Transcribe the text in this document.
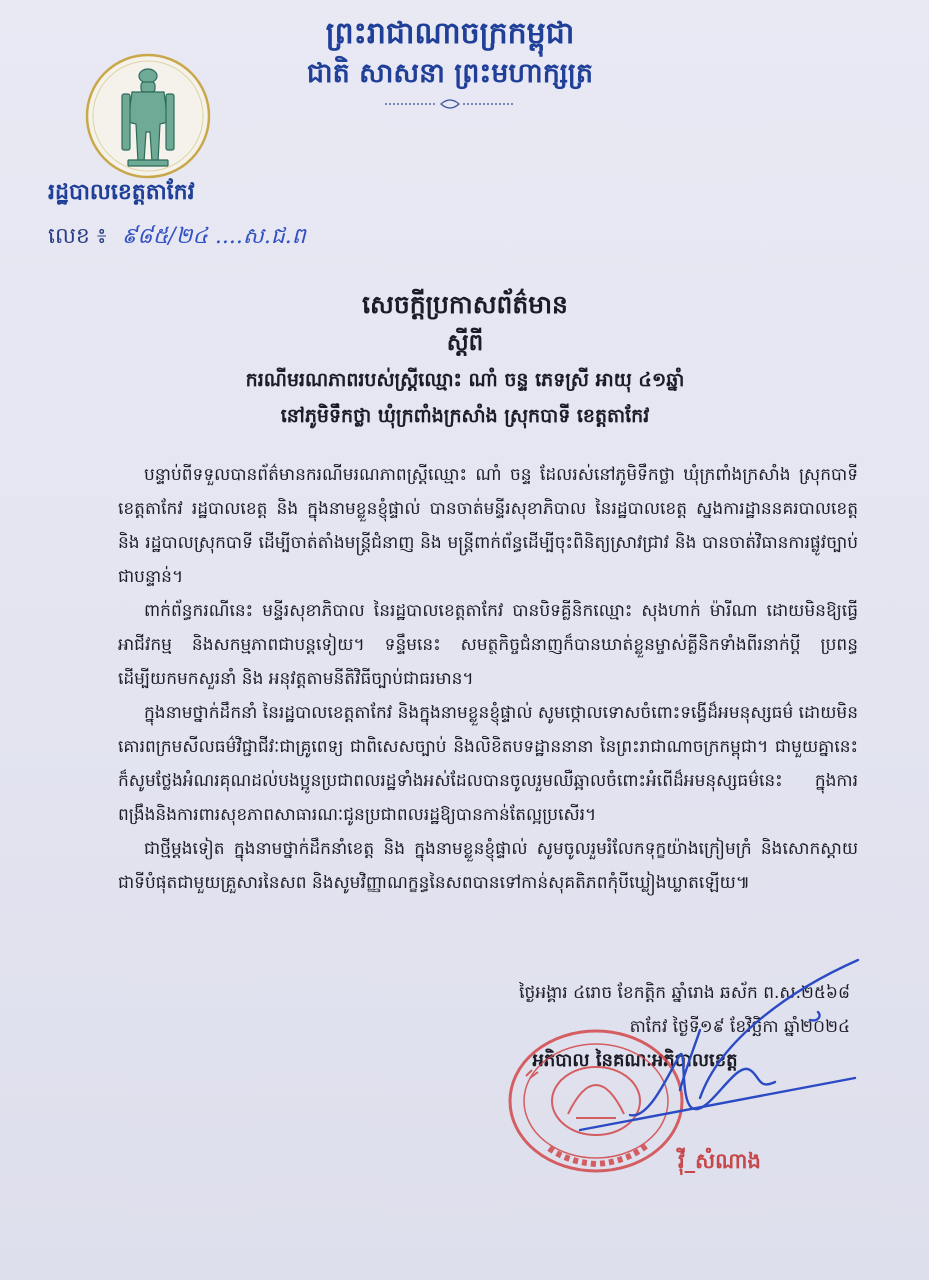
ព្រះរាជាណាចក្រកម្ពុជា
ជាតិ សាសនា ព្រះមហាក្សត្រ
រដ្ឋបាលខេត្តតាកែវ
លេខ ៖ ៩៨៥/២៤ ....ស.ជ.ព
សេចក្តីប្រកាសព័ត៌មាន
ស្តីពី
ករណីមរណភាពរបស់ស្ត្រីឈ្មោះ ណាំ ចន្ទ ភេទស្រី អាយុ ៤១ឆ្នាំ
នៅភូមិទឹកថ្លា ឃុំក្រពាំងក្រសាំង ស្រុកបាទី ខេត្តតាកែវ

បន្ទាប់ពីទទួលបានព័ត៌មានករណីមរណភាពស្ត្រីឈ្មោះ ណាំ ចន្ទ ដែលរស់នៅភូមិទឹកថ្លា ឃុំក្រពាំងក្រសាំង ស្រុកបាទី ខេត្តតាកែវ រដ្ឋបាលខេត្ត និង ក្នុងនាមខ្លួនខ្ញុំផ្ទាល់ បានចាត់មន្ទីរសុខាភិបាល នៃរដ្ឋបាលខេត្ត ស្នងការដ្ឋាននគរបាលខេត្ត និង រដ្ឋបាលស្រុកបាទី ដើម្បីចាត់តាំងមន្ត្រីជំនាញ និង មន្ត្រីពាក់ព័ន្ធដើម្បីចុះពិនិត្យស្រាវជ្រាវ និង បានចាត់វិធានការផ្លូវច្បាប់ជាបន្ទាន់។

ពាក់ព័ន្ធករណីនេះ មន្ទីរសុខាភិបាល នៃរដ្ឋបាលខេត្តតាកែវ បានបិទគ្លីនិកឈ្មោះ សុងហាក់ ម៉ារីណា ដោយមិនឱ្យធ្វើអាជីវកម្ម និងសកម្មភាពជាបន្តទៀយ។ ទន្ទឹមនេះ សមត្ថកិច្ចជំនាញក៏បានឃាត់ខ្លួនម្ចាស់គ្លីនិកទាំងពីរនាក់ប្តី ប្រពន្ធ ដើម្បីយកមកសួរនាំ និង អនុវត្តតាមនីតិវិធីច្បាប់ជាធរមាន។

ក្នុងនាមថ្នាក់ដឹកនាំ នៃរដ្ឋបាលខេត្តតាកែវ និងក្នុងនាមខ្លួនខ្ញុំផ្ទាល់ សូមថ្កោលទោសចំពោះទង្វើដ៏អមនុស្សធម៌ ដោយមិនគោរពក្រមសីលធម៌វិជ្ជាជីវៈជាគ្រូពេទ្យ ជាពិសេសច្បាប់ និងលិខិតបទដ្ឋាននានា នៃព្រះរាជាណាចក្រកម្ពុជា។ ជាមួយគ្នានេះ ក៏សូមថ្លែងអំណរគុណដល់បងប្អូនប្រជាពលរដ្ឋទាំងអស់ដែលបានចូលរួមឈឺឆ្អាលចំពោះអំពើដ៏អមនុស្សធម៌នេះ ក្នុងការពង្រឹងនិងការពារសុខភាពសាធារណៈជូនប្រជាពលរដ្ឋឱ្យបានកាន់តែល្អប្រសើរ។

ជាថ្មីម្តងទៀត ក្នុងនាមថ្នាក់ដឹកនាំខេត្ត និង ក្នុងនាមខ្លួនខ្ញុំផ្ទាល់ សូមចូលរួមរំលែកទុក្ខយ៉ាងក្រៀមក្រំ និងសោកស្តាយជាទីបំផុតជាមួយគ្រួសារនៃសព និងសូមវិញ្ញាណក្ខន្ធនៃសពបានទៅកាន់សុគតិភពកុំបីឃ្លៀងឃ្លាតឡើយ៕

ថ្ងៃអង្គារ ៤រោច ខែកត្តិក ឆ្នាំរោង ឆស័ក ព.ស.២៥៦៨
តាកែវ ថ្ងៃទី១៩ ខែវិច្ឆិកា ឆ្នាំ២០២៤
អភិបាល នៃគណៈអភិបាលខេត្ត
វ៉ី_សំណាង
